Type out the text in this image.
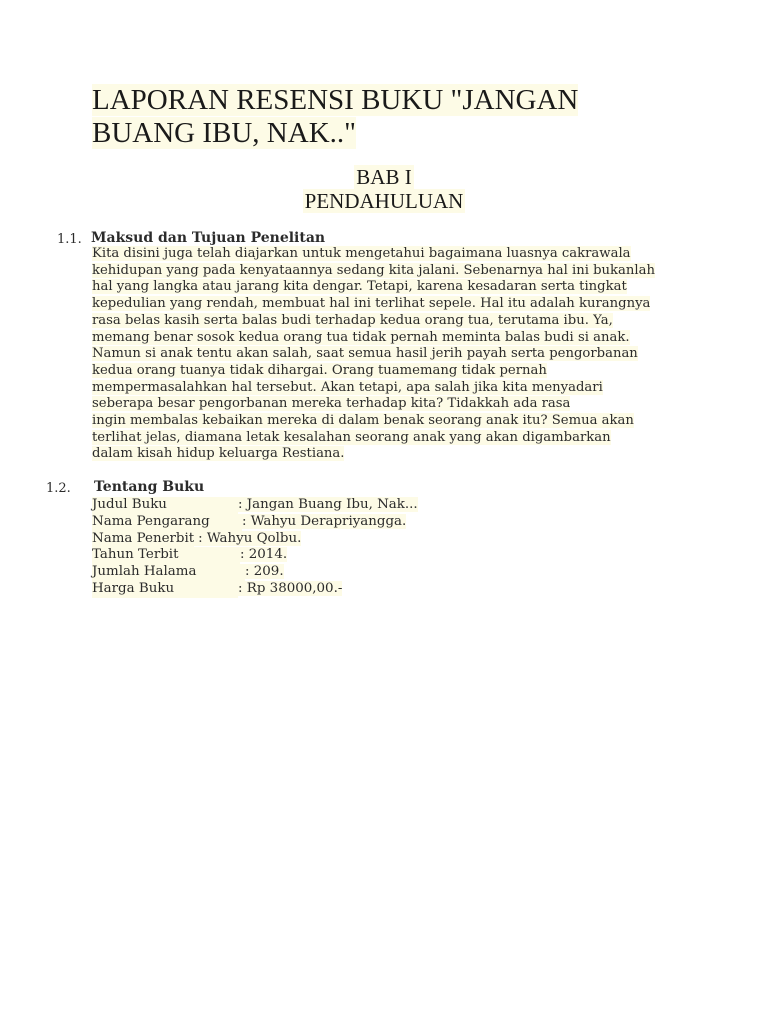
LAPORAN RESENSI BUKU "JANGAN
BUANG IBU, NAK.."
BAB I
PENDAHULUAN
1.1. Maksud dan Tujuan Penelitan
Kita disini juga telah diajarkan untuk mengetahui bagaimana luasnya cakrawala
kehidupan yang pada kenyataannya sedang kita jalani. Sebenarnya hal ini bukanlah
hal yang langka atau jarang kita dengar. Tetapi, karena kesadaran serta tingkat
kepedulian yang rendah, membuat hal ini terlihat sepele. Hal itu adalah kurangnya
rasa belas kasih serta balas budi terhadap kedua orang tua, terutama ibu. Ya,
memang benar sosok kedua orang tua tidak pernah meminta balas budi si anak.
Namun si anak tentu akan salah, saat semua hasil jerih payah serta pengorbanan
kedua orang tuanya tidak dihargai. Orang tuamemang tidak pernah
mempermasalahkan hal tersebut. Akan tetapi, apa salah jika kita menyadari
seberapa besar pengorbanan mereka terhadap kita? Tidakkah ada rasa
ingin membalas kebaikan mereka di dalam benak seorang anak itu? Semua akan
terlihat jelas, diamana letak kesalahan seorang anak yang akan digambarkan
dalam kisah hidup keluarga Restiana.
1.2. Tentang Buku
Judul Buku	: Jangan Buang Ibu, Nak...
Nama Pengarang : Wahyu Derapriyangga.
Nama Penerbit : Wahyu Qolbu.
Tahun Terbit	: 2014.
Jumlah Halama	: 209.
Harga Buku	: Rp 38000,00.-
